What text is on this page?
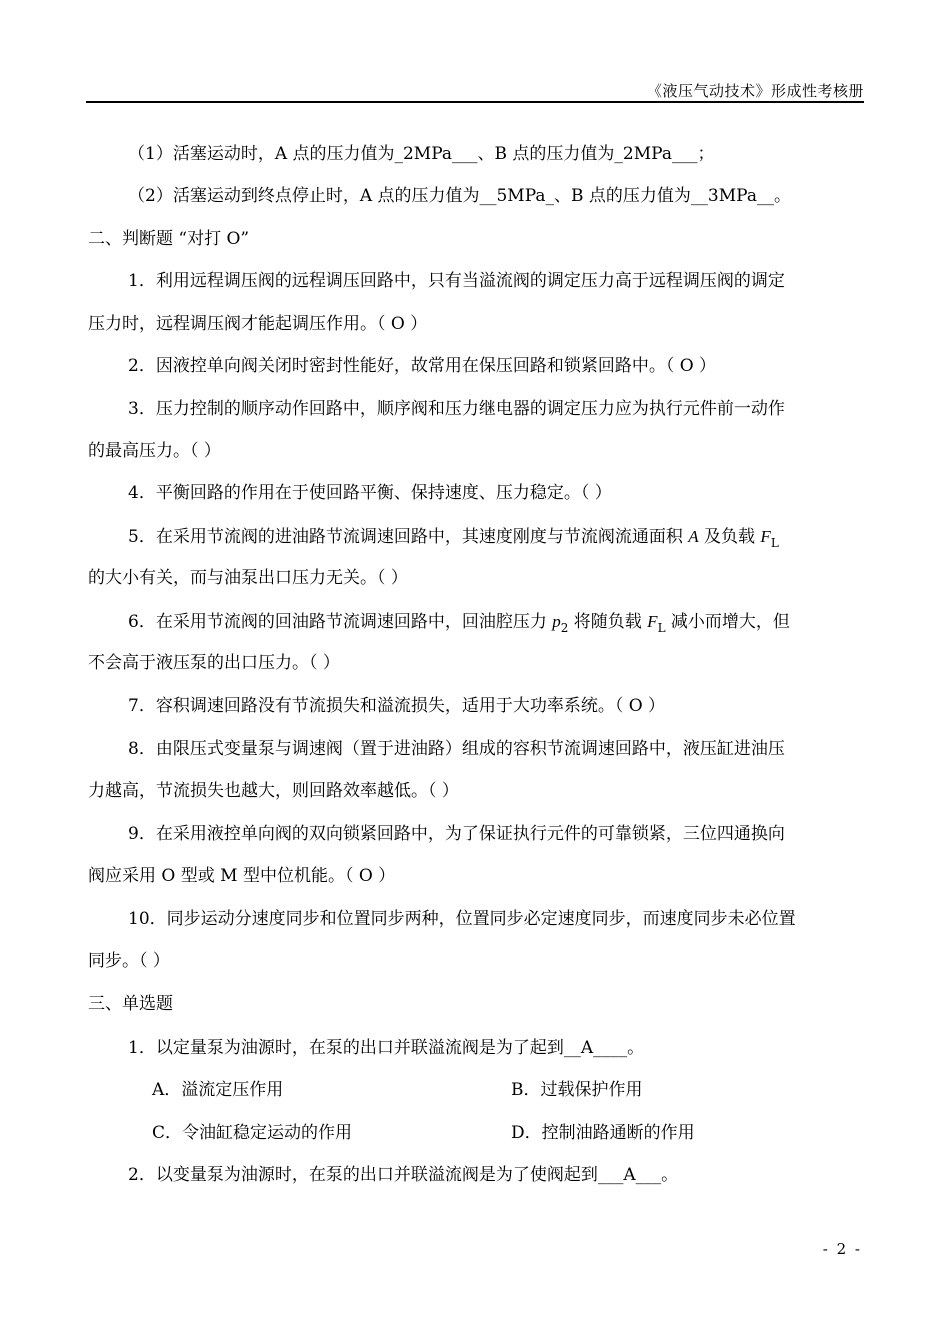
《液压气动技术》形成性考核册
（1）活塞运动时，A 点的压力值为_2MPa___、B 点的压力值为_2MPa___；
（2）活塞运动到终点停止时，A 点的压力值为__5MPa_、B 点的压力值为__3MPa__。
二、判断题 “对打 O”
1．利用远程调压阀的远程调压回路中，只有当溢流阀的调定压力高于远程调压阀的调定
压力时，远程调压阀才能起调压作用。（ O ）
2．因液控单向阀关闭时密封性能好，故常用在保压回路和锁紧回路中。（ O ）
3．压力控制的顺序动作回路中，顺序阀和压力继电器的调定压力应为执行元件前一动作
的最高压力。（ ）
4．平衡回路的作用在于使回路平衡、保持速度、压力稳定。（ ）
5．在采用节流阀的进油路节流调速回路中，其速度刚度与节流阀流通面积 A 及负载 $F_L$
的大小有关，而与油泵出口压力无关。（ ）
6．在采用节流阀的回油路节流调速回路中，回油腔压力 $p_2$ 将随负载 $F_L$ 减小而增大，但
不会高于液压泵的出口压力。（ ）
7．容积调速回路没有节流损失和溢流损失，适用于大功率系统。（ O ）
8．由限压式变量泵与调速阀（置于进油路）组成的容积节流调速回路中，液压缸进油压
力越高，节流损失也越大，则回路效率越低。（ ）
9．在采用液控单向阀的双向锁紧回路中，为了保证执行元件的可靠锁紧，三位四通换向
阀应采用 O 型或 M 型中位机能。（ O ）
10．同步运动分速度同步和位置同步两种，位置同步必定速度同步，而速度同步未必位置
同步。（ ）
三、单选题
1．以定量泵为油源时，在泵的出口并联溢流阀是为了起到__A____。
A．溢流定压作用	B．过载保护作用
C．令油缸稳定运动的作用	D．控制油路通断的作用
2．以变量泵为油源时，在泵的出口并联溢流阀是为了使阀起到___A___。
- 2 -
